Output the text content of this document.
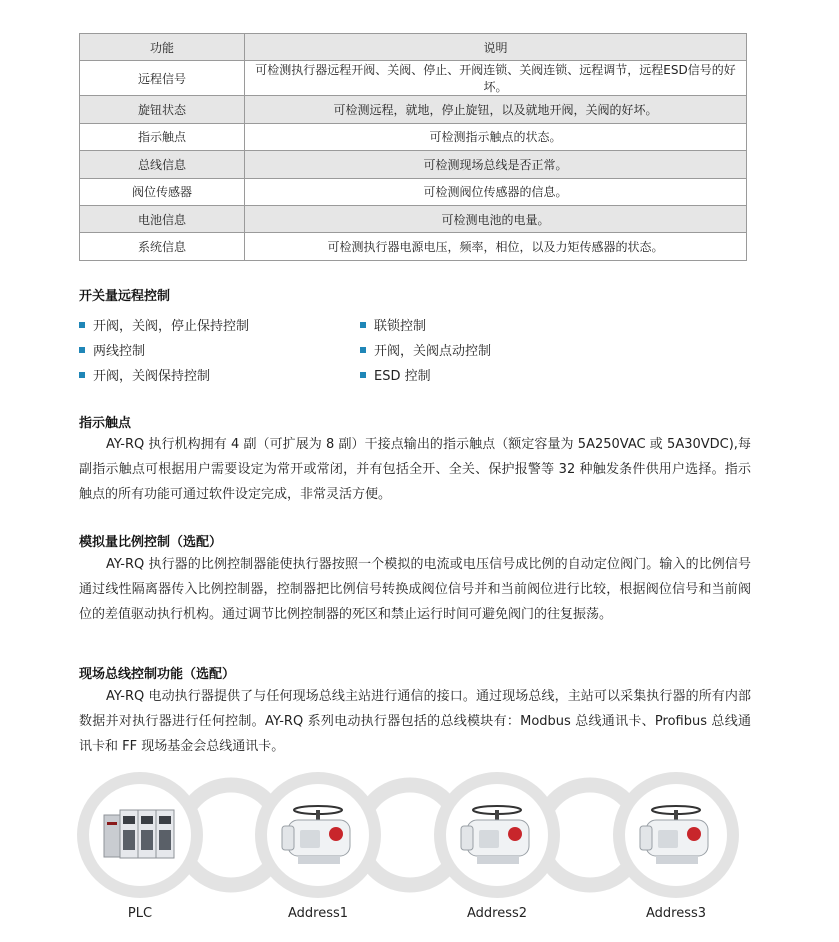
功能	说明
远程信号	可检测执行器远程开阀、关阀、停止、开阀连锁、关阀连锁、远程调节，远程ESD信号的好坏。
旋钮状态	可检测远程，就地，停止旋钮，以及就地开阀，关阀的好坏。
指示触点	可检测指示触点的状态。
总线信息	可检测现场总线是否正常。
阀位传感器	可检测阀位传感器的信息。
电池信息	可检测电池的电量。
系统信息	可检测执行器电源电压，频率，相位，以及力矩传感器的状态。
开关量远程控制
开阀，关阀，停止保持控制
两线控制
开阀，关阀保持控制
联锁控制
开阀，关阀点动控制
ESD 控制
指示触点

AY-RQ 执行机构拥有 4 副（可扩展为 8 副）干接点输出的指示触点（额定容量为 5A250VAC 或 5A30VDC),每副指示触点可根据用户需要设定为常开或常闭，并有包括全开、全关、保护报警等 32 种触发条件供用户选择。指示触点的所有功能可通过软件设定完成，非常灵活方便。

模拟量比例控制（选配）

AY-RQ 执行器的比例控制器能使执行器按照一个模拟的电流或电压信号成比例的自动定位阀门。输入的比例信号通过线性隔离器传入比例控制器，控制器把比例信号转换成阀位信号并和当前阀位进行比较，根据阀位信号和当前阀位的差值驱动执行机构。通过调节比例控制器的死区和禁止运行时间可避免阀门的往复振荡。

现场总线控制功能（选配）

AY-RQ 电动执行器提供了与任何现场总线主站进行通信的接口。通过现场总线，主站可以采集执行器的所有内部数据并对执行器进行任何控制。AY-RQ 系列电动执行器包括的总线模块有：Modbus 总线通讯卡、Profibus 总线通讯卡和 FF 现场基金会总线通讯卡。

PLC	Address1	Address2	Address3
